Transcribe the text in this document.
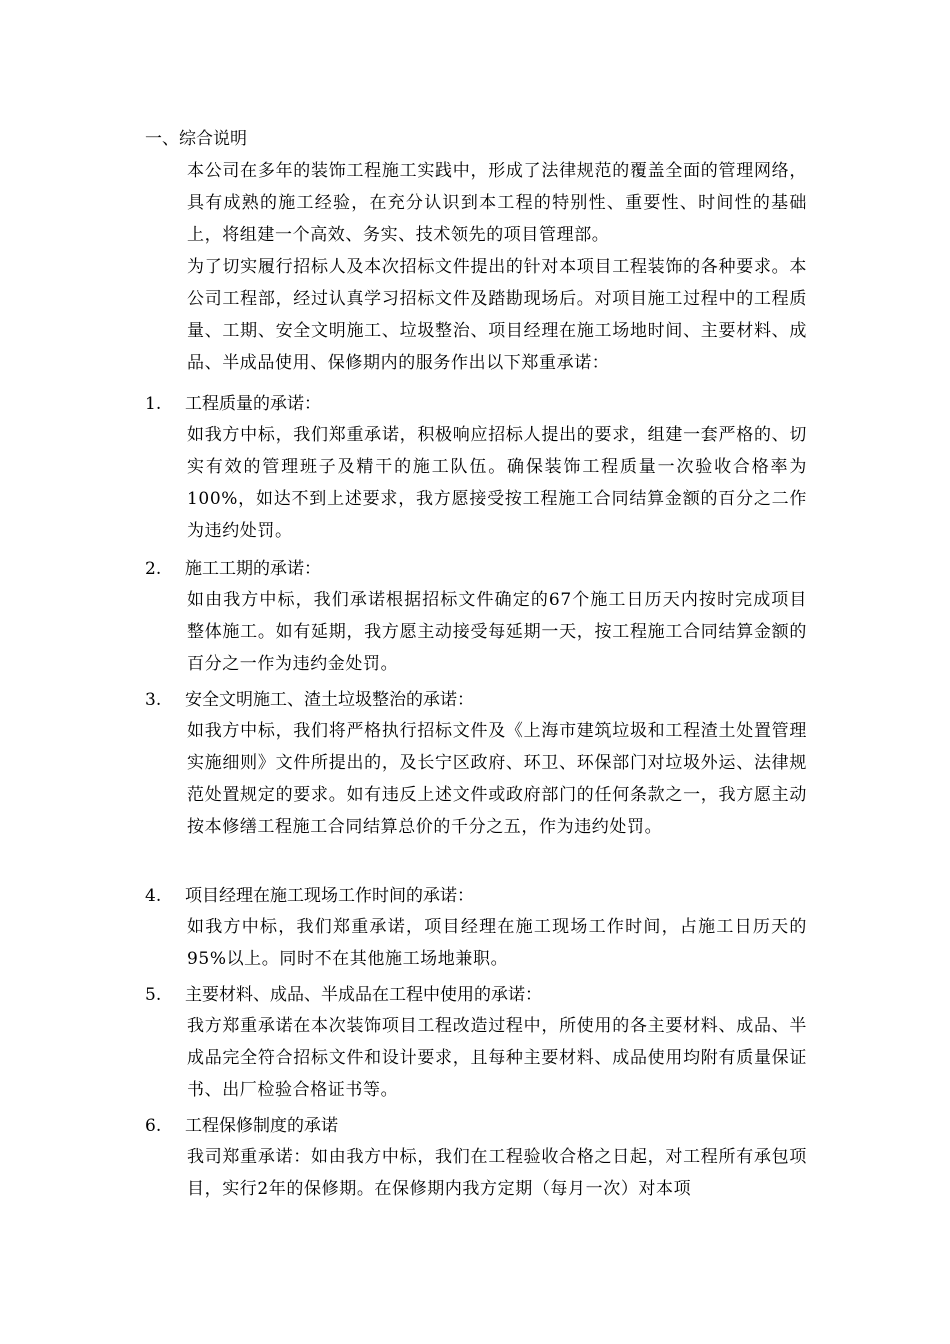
一、综合说明

本公司在多年的装饰工程施工实践中，形成了法律规范的覆盖全面的管理网络，具有成熟的施工经验，在充分认识到本工程的特别性、重要性、时间性的基础上，将组建一个高效、务实、技术领先的项目管理部。

为了切实履行招标人及本次招标文件提出的针对本项目工程装饰的各种要求。本公司工程部，经过认真学习招标文件及踏勘现场后。对项目施工过程中的工程质量、工期、安全文明施工、垃圾整治、项目经理在施工场地时间、主要材料、成品、半成品使用、保修期内的服务作出以下郑重承诺：

1. 工程质量的承诺：

如我方中标，我们郑重承诺，积极响应招标人提出的要求，组建一套严格的、切实有效的管理班子及精干的施工队伍。确保装饰工程质量一次验收合格率为100%，如达不到上述要求，我方愿接受按工程施工合同结算金额的百分之二作为违约处罚。

2. 施工工期的承诺：

如由我方中标，我们承诺根据招标文件确定的67个施工日历天内按时完成项目整体施工。如有延期，我方愿主动接受每延期一天，按工程施工合同结算金额的百分之一作为违约金处罚。

3. 安全文明施工、渣土垃圾整治的承诺：

如我方中标，我们将严格执行招标文件及《上海市建筑垃圾和工程渣土处置管理实施细则》文件所提出的，及长宁区政府、环卫、环保部门对垃圾外运、法律规范处置规定的要求。如有违反上述文件或政府部门的任何条款之一，我方愿主动按本修缮工程施工合同结算总价的千分之五，作为违约处罚。

4. 项目经理在施工现场工作时间的承诺：

如我方中标，我们郑重承诺，项目经理在施工现场工作时间，占施工日历天的95%以上。同时不在其他施工场地兼职。

5. 主要材料、成品、半成品在工程中使用的承诺：

我方郑重承诺在本次装饰项目工程改造过程中，所使用的各主要材料、成品、半成品完全符合招标文件和设计要求，且每种主要材料、成品使用均附有质量保证书、出厂检验合格证书等。

6. 工程保修制度的承诺

我司郑重承诺：如由我方中标，我们在工程验收合格之日起，对工程所有承包项目，实行2年的保修期。在保修期内我方定期（每月一次）对本项
